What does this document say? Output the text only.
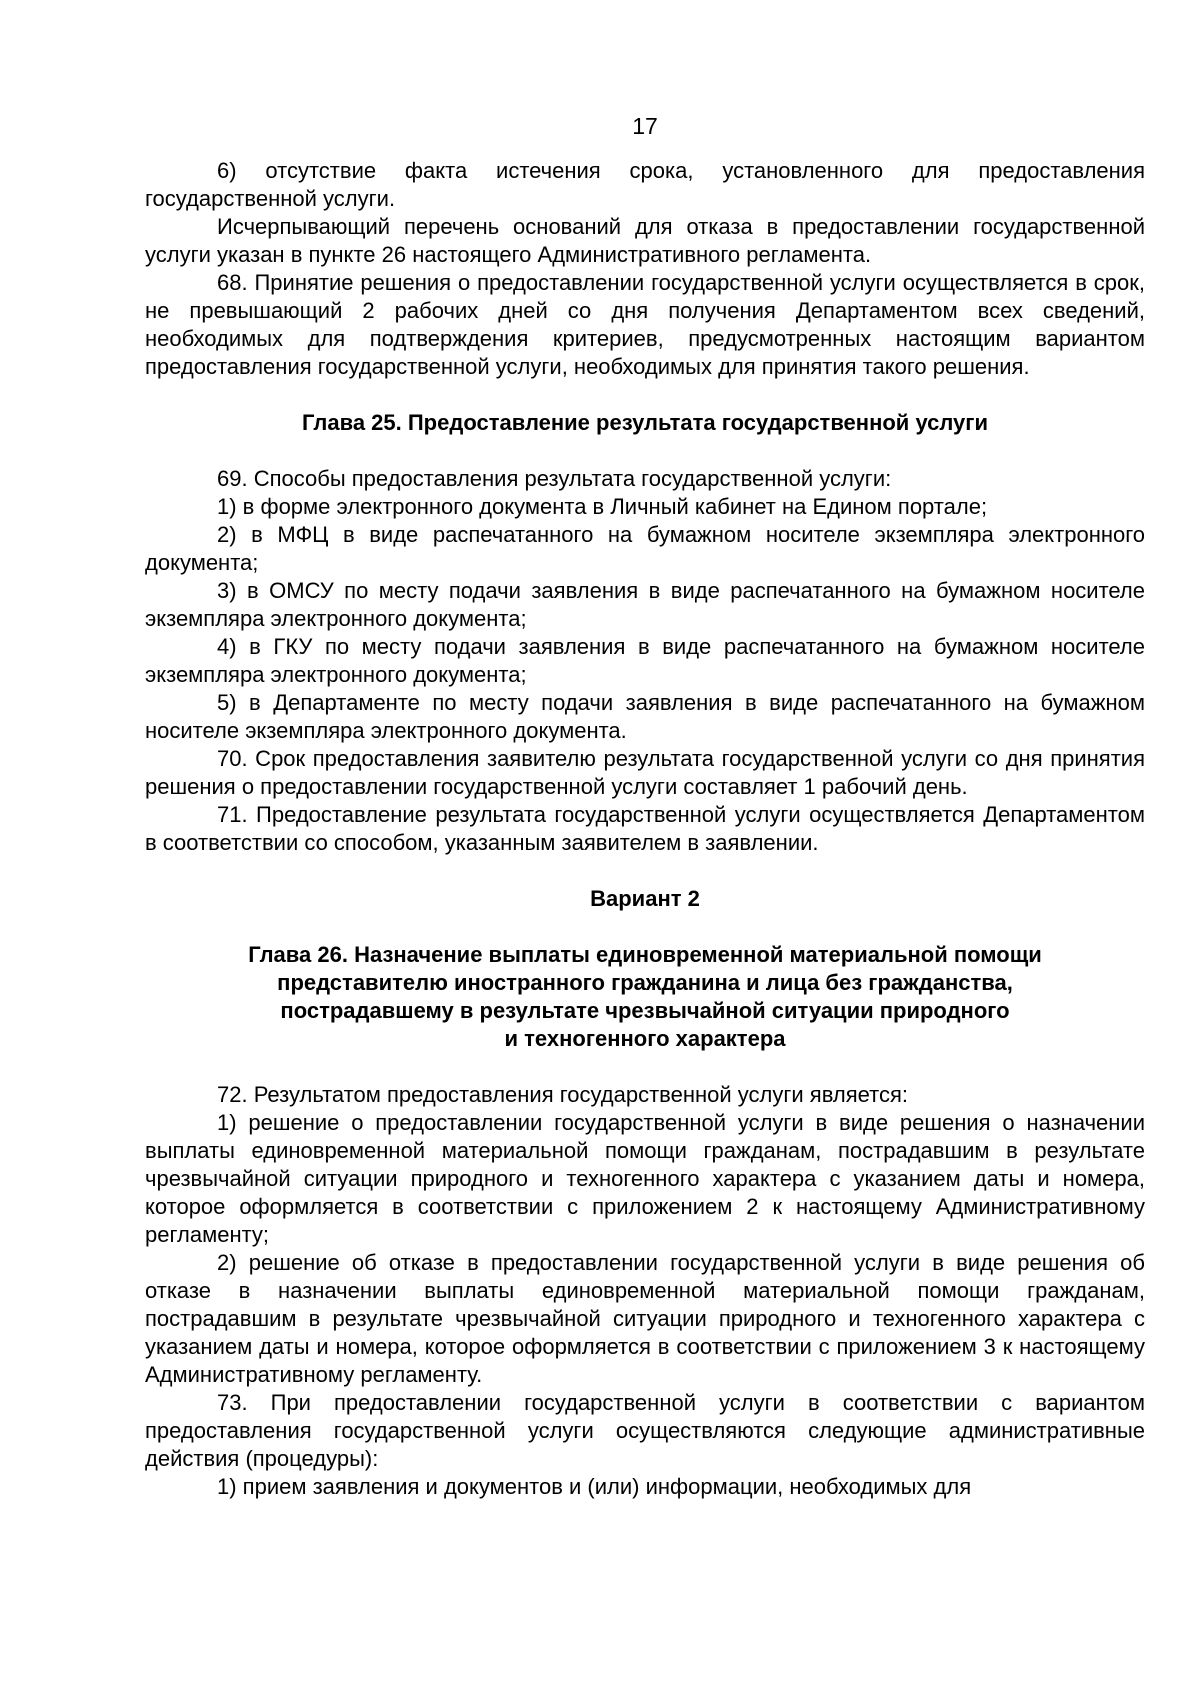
17

6) отсутствие факта истечения срока, установленного для предоставления государственной услуги.

Исчерпывающий перечень оснований для отказа в предоставлении государственной услуги указан в пункте 26 настоящего Административного регламента.

68. Принятие решения о предоставлении государственной услуги осуществляется в срок, не превышающий 2 рабочих дней со дня получения Департаментом всех сведений, необходимых для подтверждения критериев, предусмотренных настоящим вариантом предоставления государственной услуги, необходимых для принятия такого решения.

Глава 25. Предоставление результата государственной услуги

69. Способы предоставления результата государственной услуги:

1) в форме электронного документа в Личный кабинет на Едином портале;

2) в МФЦ в виде распечатанного на бумажном носителе экземпляра электронного документа;

3) в ОМСУ по месту подачи заявления в виде распечатанного на бумажном носителе экземпляра электронного документа;

4) в ГКУ по месту подачи заявления в виде распечатанного на бумажном носителе экземпляра электронного документа;

5) в Департаменте по месту подачи заявления в виде распечатанного на бумажном носителе экземпляра электронного документа.

70. Срок предоставления заявителю результата государственной услуги со дня принятия решения о предоставлении государственной услуги составляет 1 рабочий день.

71. Предоставление результата государственной услуги осуществляется Департаментом в соответствии со способом, указанным заявителем в заявлении.

Вариант 2

Глава 26. Назначение выплаты единовременной материальной помощи

представителю иностранного гражданина и лица без гражданства,

пострадавшему в результате чрезвычайной ситуации природного

и техногенного характера

72. Результатом предоставления государственной услуги является:

1) решение о предоставлении государственной услуги в виде решения о назначении выплаты единовременной материальной помощи гражданам, пострадавшим в результате чрезвычайной ситуации природного и техногенного характера с указанием даты и номера, которое оформляется в соответствии с приложением 2 к настоящему Административному регламенту;

2) решение об отказе в предоставлении государственной услуги в виде решения об отказе в назначении выплаты единовременной материальной помощи гражданам, пострадавшим в результате чрезвычайной ситуации природного и техногенного характера с указанием даты и номера, которое оформляется в соответствии с приложением 3 к настоящему Административному регламенту.

73. При предоставлении государственной услуги в соответствии с вариантом предоставления государственной услуги осуществляются следующие административные действия (процедуры):

1) прием заявления и документов и (или) информации, необходимых для
